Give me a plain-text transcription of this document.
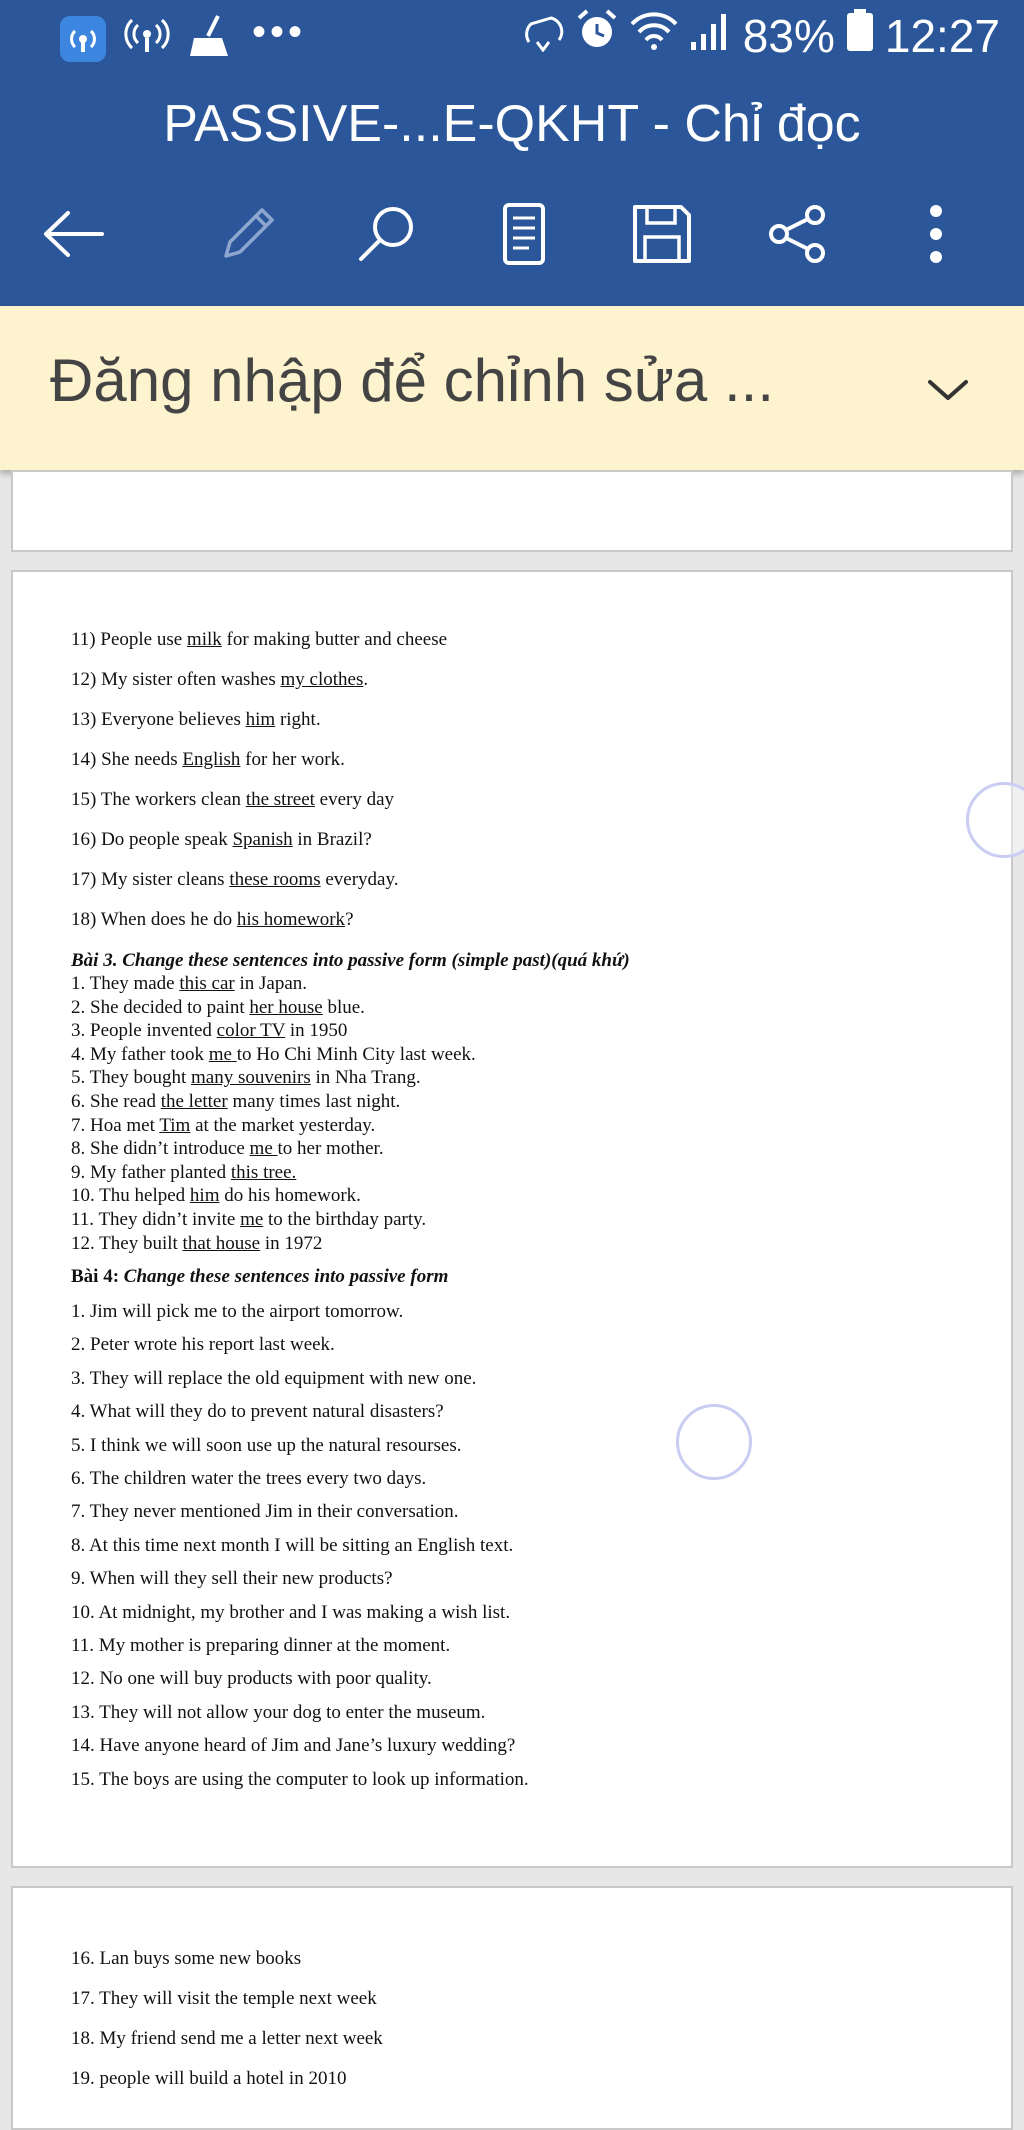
•••	83% 12:27
PASSIVE-...E-QKHT - Chỉ đọc
Đăng nhập để chỉnh sửa ...
11) People use milk for making butter and cheese
12) My sister often washes my clothes.
13) Everyone believes him right.
14) She needs English for her work.
15) The workers clean the street every day
16) Do people speak Spanish in Brazil?
17) My sister cleans these rooms everyday.
18) When does he do his homework?
Bài 3. Change these sentences into passive form (simple past)(quá khứ)
1. They made this car in Japan.
2. She decided to paint her house blue.
3. People invented color TV in 1950
4. My father took me to Ho Chi Minh City last week.
5. They bought many souvenirs in Nha Trang.
6. She read the letter many times last night.
7. Hoa met Tim at the market yesterday.
8. She didn’t introduce me to her mother.
9. My father planted this tree.
10. Thu helped him do his homework.
11. They didn’t invite me to the birthday party.
12. They built that house in 1972
Bài 4: Change these sentences into passive form
1. Jim will pick me to the airport tomorrow.
2. Peter wrote his report last week.
3. They will replace the old equipment with new one.
4. What will they do to prevent natural disasters?
5. I think we will soon use up the natural resourses.
6. The children water the trees every two days.
7. They never mentioned Jim in their conversation.
8. At this time next month I will be sitting an English text.
9. When will they sell their new products?
10. At midnight, my brother and I was making a wish list.
11. My mother is preparing dinner at the moment.
12. No one will buy products with poor quality.
13. They will not allow your dog to enter the museum.
14. Have anyone heard of Jim and Jane’s luxury wedding?
15. The boys are using the computer to look up information.
16. Lan buys some new books
17. They will visit the temple next week
18. My friend send me a letter next week
19. people will build a hotel in 2010
